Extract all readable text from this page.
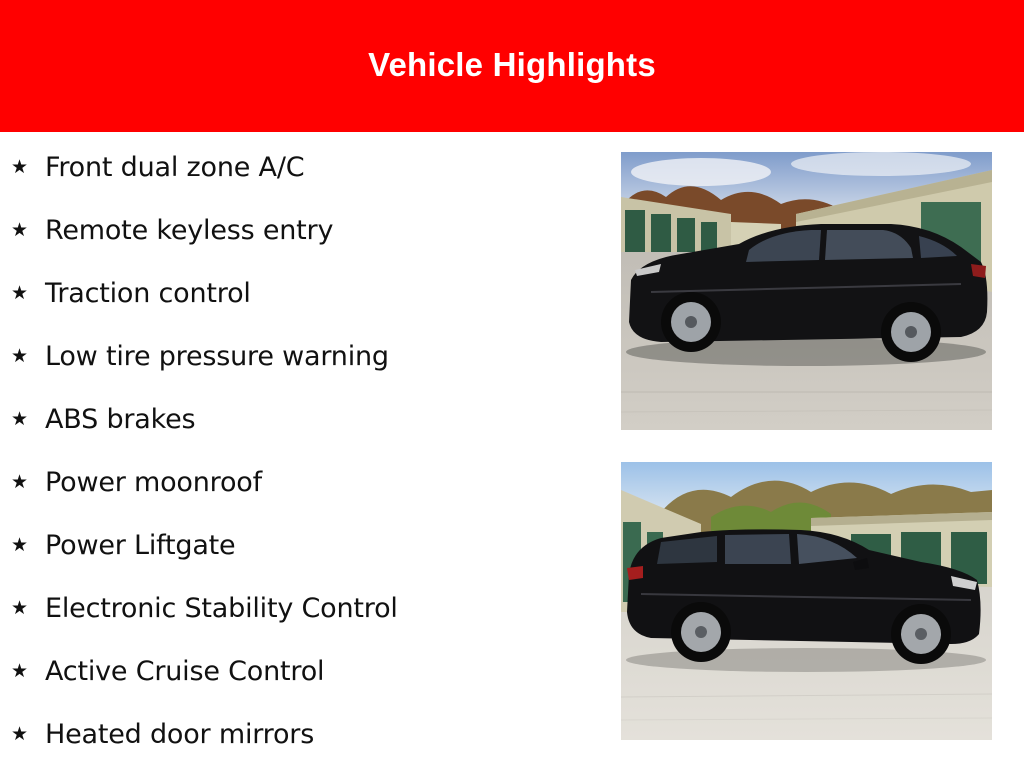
Vehicle Highlights
★ Front dual zone A/C
★ Remote keyless entry
★ Traction control
★ Low tire pressure warning
★ ABS brakes
★ Power moonroof
★ Power Liftgate
★ Electronic Stability Control
★ Active Cruise Control
★ Heated door mirrors
